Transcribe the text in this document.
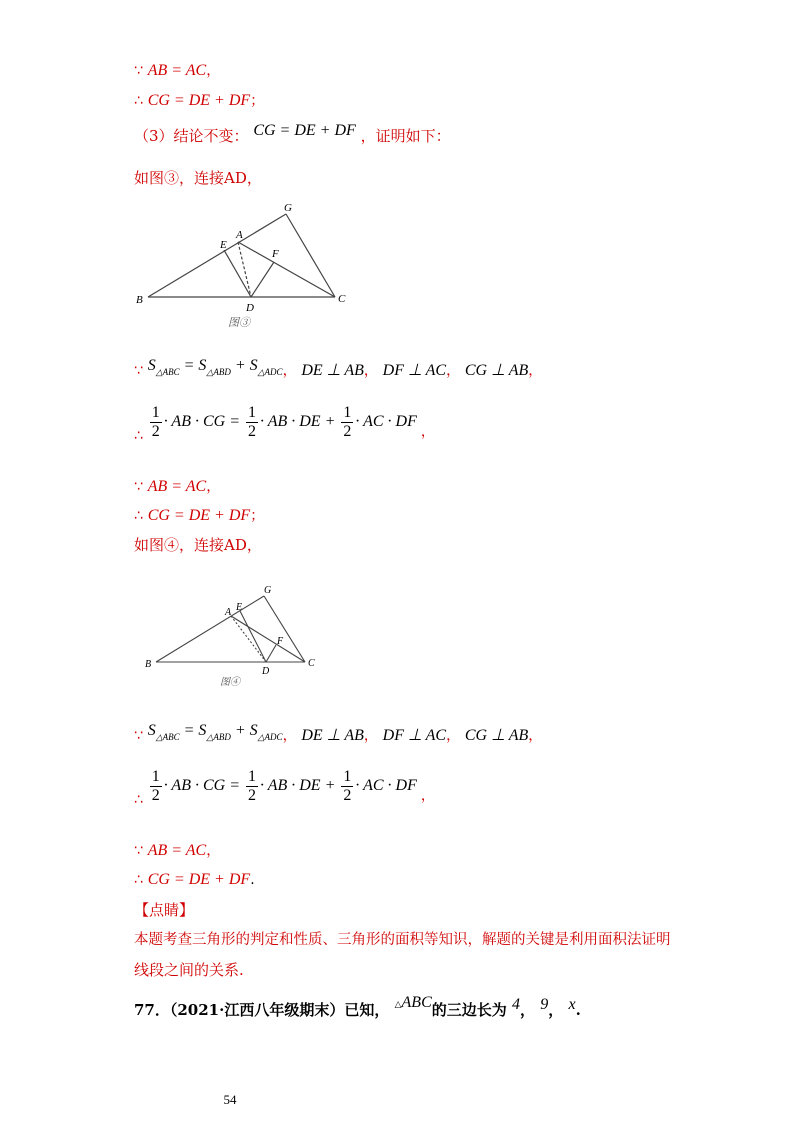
∵ AB = AC，
∴ CG = DE + DF；
（3）结论不变： CG = DE + DF ，证明如下：
如图③，连接AD，
B	C
D
A
E
F
G
图③
∵ $S_{\triangle ABC} = S_{\triangle ABD} + S_{\triangle ADC}$， DE ⊥ AB， DF ⊥ AC， CG ⊥ AB，
∴ $\frac{1}{2}$ · AB · CG = $\frac{1}{2}$ · AB · DE + $\frac{1}{2}$ · AC · DF ，
∵ AB = AC，
∴ CG = DE + DF；
如图④，连接AD，
B	C
D
A E
F
G
图④
∵ $S_{\triangle ABC} = S_{\triangle ABD} + S_{\triangle ADC}$， DE ⊥ AB， DF ⊥ AC， CG ⊥ AB，
∴ $\frac{1}{2}$ · AB · CG = $\frac{1}{2}$ · AB · DE + $\frac{1}{2}$ · AC · DF ，
∵ AB = AC，
∴ CG = DE + DF.
【点睛】
本题考查三角形的判定和性质、三角形的面积等知识，解题的关键是利用面积法证明
线段之间的关系.
77．（2021·江西八年级期末）已知， △ABC的三边长为 4， 9， x.
54
